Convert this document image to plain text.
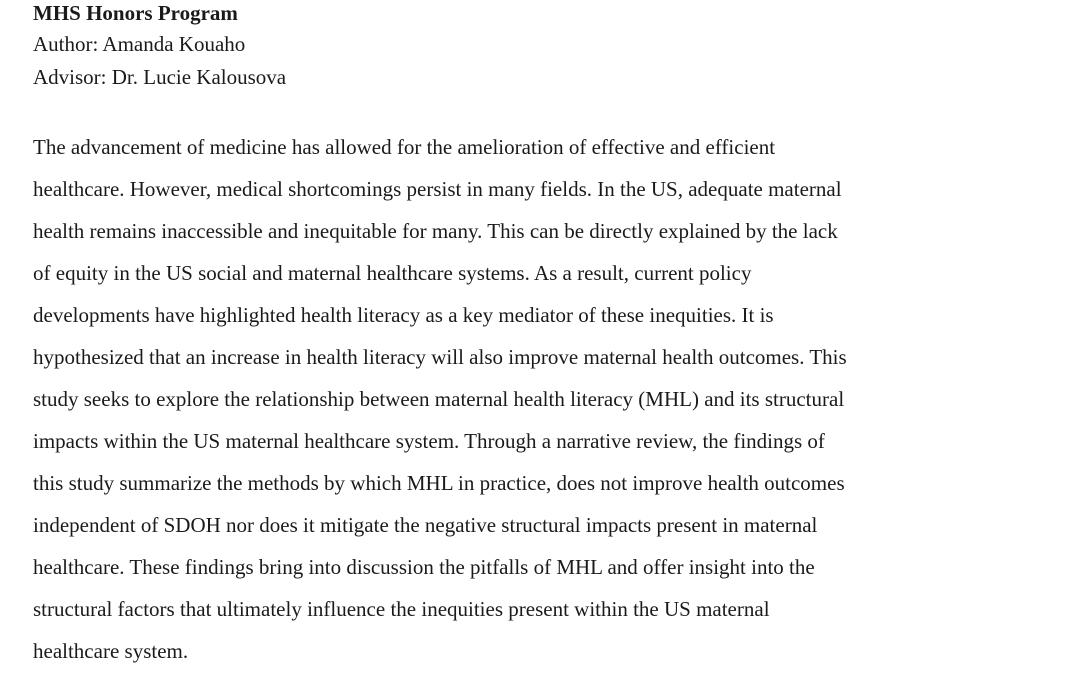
MHS Honors Program
Author: Amanda Kouaho
Advisor: Dr. Lucie Kalousova
The advancement of medicine has allowed for the amelioration of effective and efficient
healthcare. However, medical shortcomings persist in many fields. In the US, adequate maternal
health remains inaccessible and inequitable for many. This can be directly explained by the lack
of equity in the US social and maternal healthcare systems. As a result, current policy
developments have highlighted health literacy as a key mediator of these inequities. It is
hypothesized that an increase in health literacy will also improve maternal health outcomes. This
study seeks to explore the relationship between maternal health literacy (MHL) and its structural
impacts within the US maternal healthcare system. Through a narrative review, the findings of
this study summarize the methods by which MHL in practice, does not improve health outcomes
independent of SDOH nor does it mitigate the negative structural impacts present in maternal
healthcare. These findings bring into discussion the pitfalls of MHL and offer insight into the
structural factors that ultimately influence the inequities present within the US maternal
healthcare system.
